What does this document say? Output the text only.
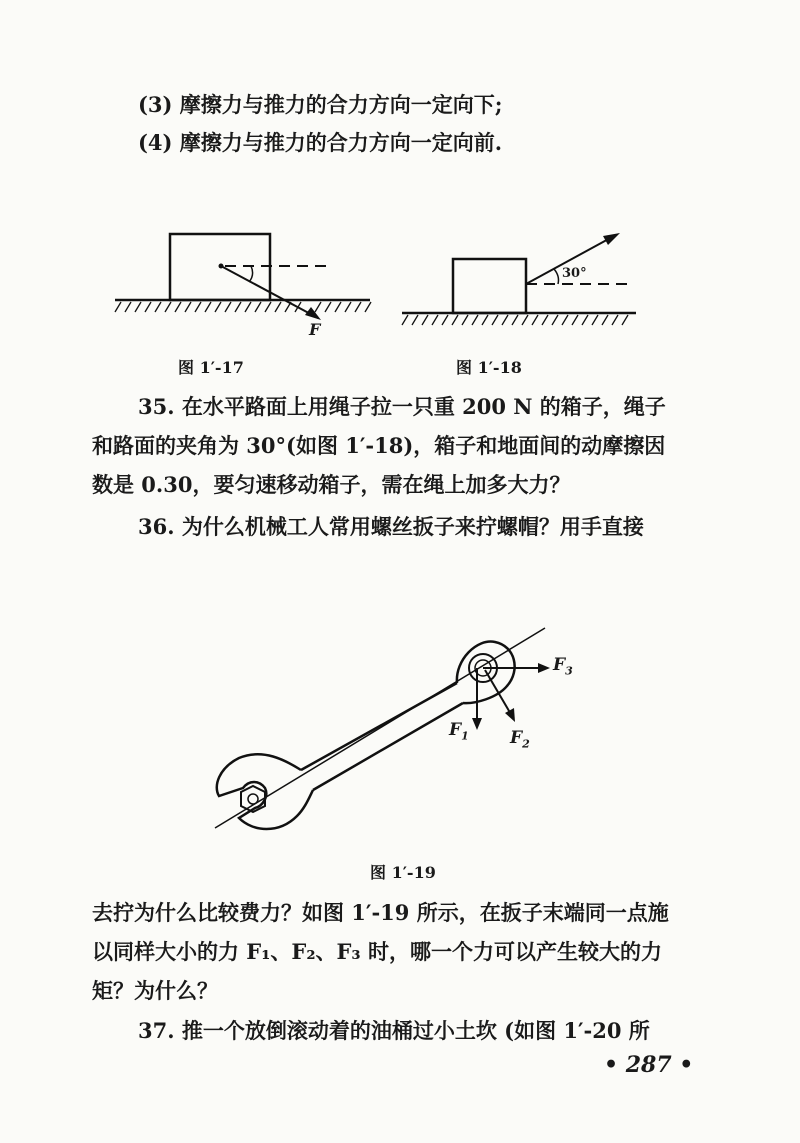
(3) 摩擦力与推力的合力方向一定向下;
(4) 摩擦力与推力的合力方向一定向前.
F
30°
图 1′-17	图 1′-18
35. 在水平路面上用绳子拉一只重 200 N 的箱子，绳子
和路面的夹角为 30°(如图 1′-18)，箱子和地面间的动摩擦因
数是 0.30，要匀速移动箱子，需在绳上加多大力？
36. 为什么机械工人常用螺丝扳子来拧螺帽？用手直接
$F_3$
$F_1$ $F_2$
图 1′-19
去拧为什么比较费力？如图 1′-19 所示，在扳子末端同一点施
以同样大小的力 F₁、F₂、F₃ 时，哪一个力可以产生较大的力
矩？为什么？
37. 推一个放倒滚动着的油桶过小土坎 (如图 1′-20 所
• 287 •
